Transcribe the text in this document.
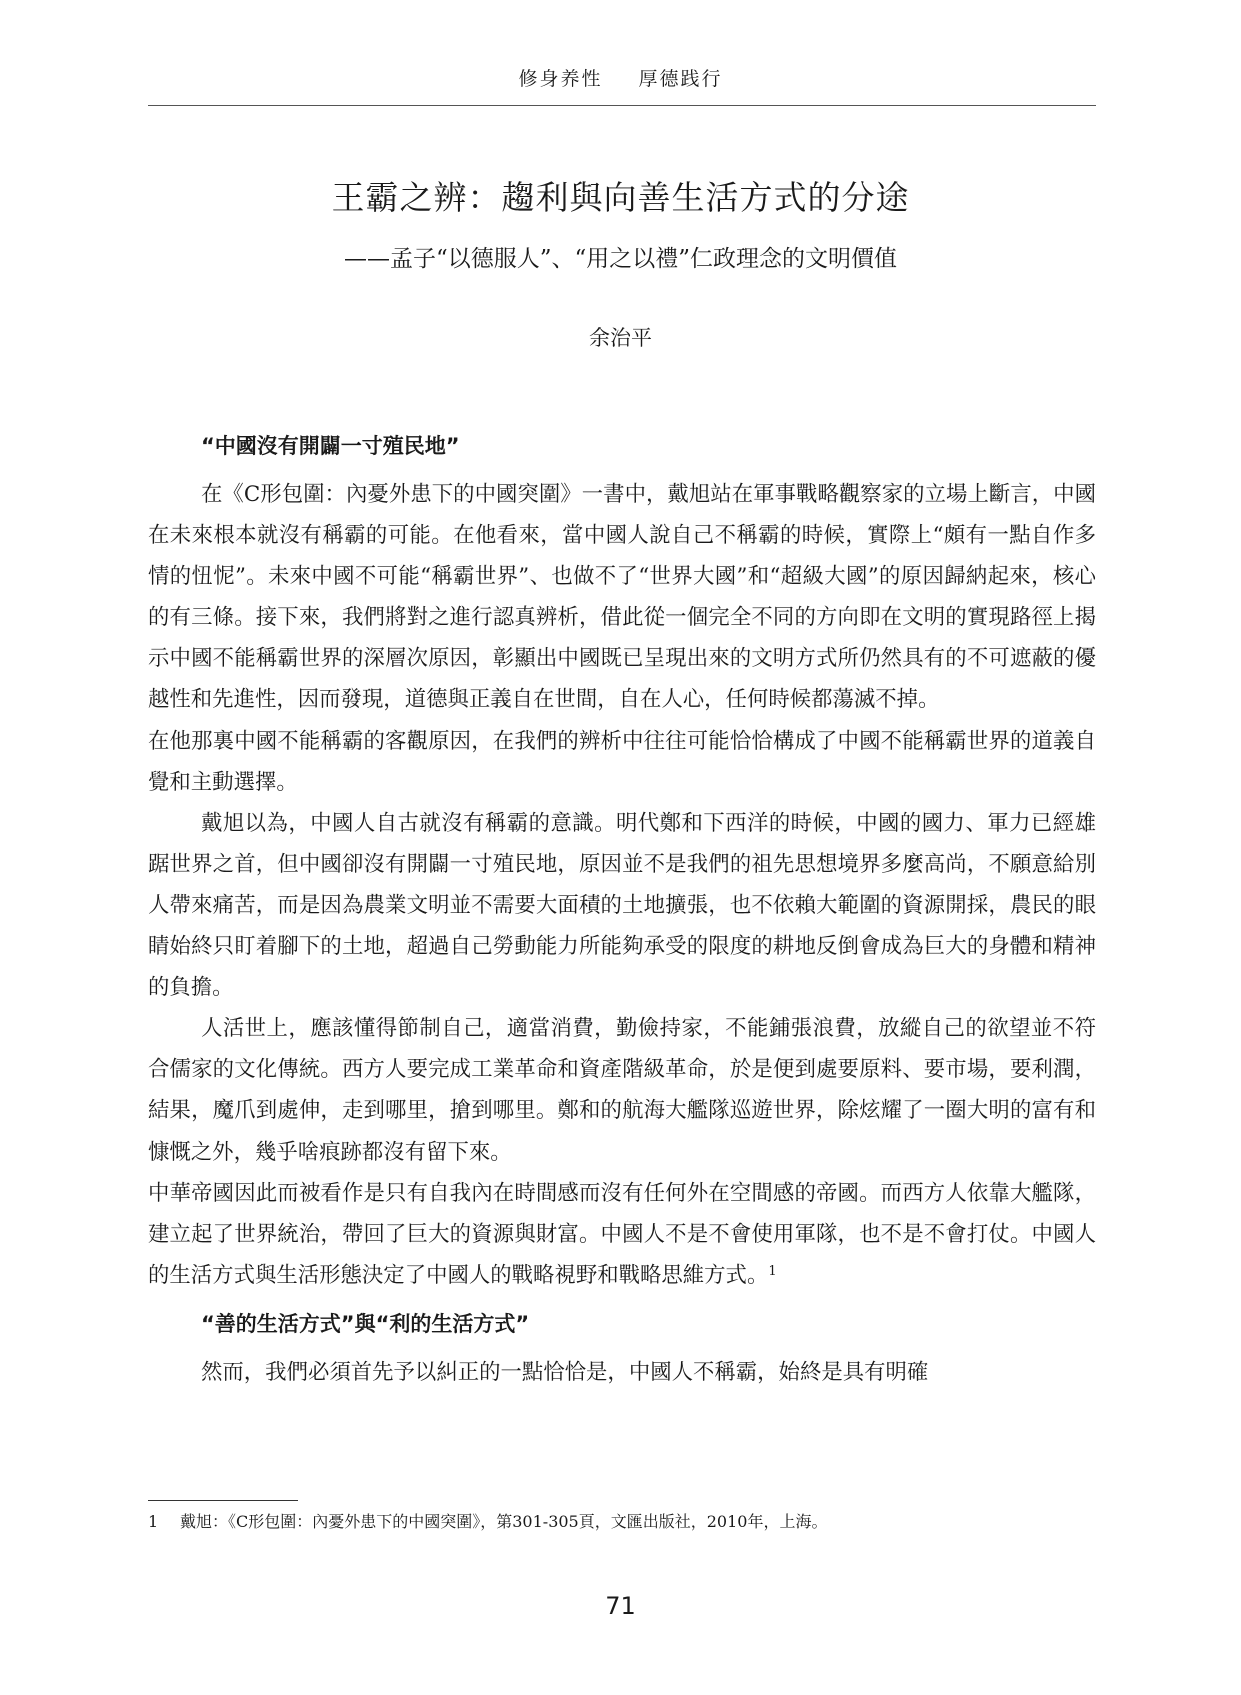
修身养性 厚德践行
王霸之辨：趨利與向善生活方式的分途
——孟子“以德服人”、“用之以禮”仁政理念的文明價值
余治平
“中國沒有開闢一寸殖民地”

在《C形包圍：內憂外患下的中國突圍》一書中，戴旭站在軍事戰略觀察家的立場上斷言，中國在未來根本就沒有稱霸的可能。在他看來，當中國人說自己不稱霸的時候，實際上“頗有一點自作多情的忸怩”。未來中國不可能“稱霸世界”、也做不了“世界大國”和“超級大國”的原因歸納起來，核心的有三條。接下來，我們將對之進行認真辨析，借此從一個完全不同的方向即在文明的實現路徑上揭示中國不能稱霸世界的深層次原因，彰顯出中國既已呈現出來的文明方式所仍然具有的不可遮蔽的優越性和先進性，因而發現，道德與正義自在世間，自在人心，任何時候都蕩滅不掉。

在他那裏中國不能稱霸的客觀原因，在我們的辨析中往往可能恰恰構成了中國不能稱霸世界的道義自覺和主動選擇。

戴旭以為，中國人自古就沒有稱霸的意識。明代鄭和下西洋的時候，中國的國力、軍力已經雄踞世界之首，但中國卻沒有開闢一寸殖民地，原因並不是我們的祖先思想境界多麼高尚，不願意給別人帶來痛苦，而是因為農業文明並不需要大面積的土地擴張，也不依賴大範圍的資源開採，農民的眼睛始終只盯着腳下的土地，超過自己勞動能力所能夠承受的限度的耕地反倒會成為巨大的身體和精神的負擔。

人活世上，應該懂得節制自己，適當消費，勤儉持家，不能鋪張浪費，放縱自己的欲望並不符合儒家的文化傳統。西方人要完成工業革命和資產階級革命，於是便到處要原料、要市場，要利潤，結果，魔爪到處伸，走到哪里，搶到哪里。鄭和的航海大艦隊巡遊世界，除炫耀了一圈大明的富有和慷慨之外，幾乎啥痕跡都沒有留下來。

中華帝國因此而被看作是只有自我內在時間感而沒有任何外在空間感的帝國。而西方人依靠大艦隊，建立起了世界統治，帶回了巨大的資源與財富。中國人不是不會使用軍隊，也不是不會打仗。中國人的生活方式與生活形態決定了中國人的戰略視野和戰略思維方式。$^1$

“善的生活方式”與“利的生活方式”

然而，我們必須首先予以糾正的一點恰恰是，中國人不稱霸，始終是具有明確

1 戴旭：《C形包圍：內憂外患下的中國突圍》，第301-305頁，文匯出版社，2010年，上海。
71
